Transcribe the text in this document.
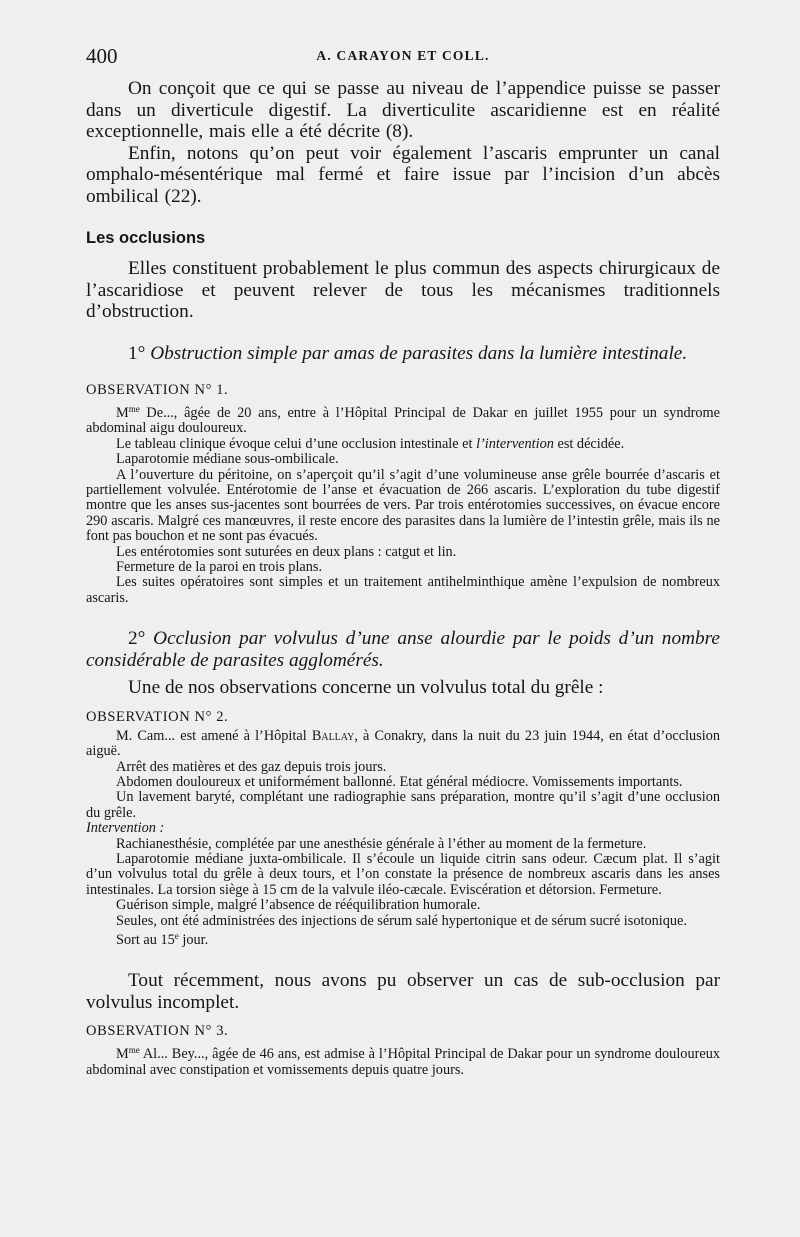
400	A. CARAYON ET COLL.

On conçoit que ce qui se passe au niveau de l’appendice puisse se passer dans un diverticule digestif. La diverticulite ascaridienne est en réalité exceptionnelle, mais elle a été décrite (8).

Enfin, notons qu’on peut voir également l’ascaris emprunter un canal omphalo-mésentérique mal fermé et faire issue par l’incision d’un abcès ombilical (22).

Les occlusions

Elles constituent probablement le plus commun des aspects chirurgicaux de l’ascaridiose et peuvent relever de tous les mécanismes traditionnels d’obstruction.

1° Obstruction simple par amas de parasites dans la lumière intestinale.

OBSERVATION N° 1.

$M^{me}$ De..., âgée de 20 ans, entre à l’Hôpital Principal de Dakar en juillet 1955 pour un syndrome abdominal aigu douloureux.

Le tableau clinique évoque celui d’une occlusion intestinale et l’intervention est décidée.

Laparotomie médiane sous-ombilicale.

A l’ouverture du péritoine, on s’aperçoit qu’il s’agit d’une volumineuse anse grêle bourrée d’ascaris et partiellement volvulée. Entérotomie de l’anse et évacuation de 266 ascaris. L’exploration du tube digestif montre que les anses sus-jacentes sont bourrées de vers. Par trois entérotomies successives, on évacue encore 290 ascaris. Malgré ces manœuvres, il reste encore des parasites dans la lumière de l’intestin grêle, mais ils ne font pas bouchon et ne sont pas évacués.

Les entérotomies sont suturées en deux plans : catgut et lin.

Fermeture de la paroi en trois plans.

Les suites opératoires sont simples et un traitement antihelminthique amène l’expulsion de nombreux ascaris.

2° Occlusion par volvulus d’une anse alourdie par le poids d’un nombre considérable de parasites agglomérés.

Une de nos observations concerne un volvulus total du grêle :

OBSERVATION N° 2.

M. Cam... est amené à l’Hôpital Ballay, à Conakry, dans la nuit du 23 juin 1944, en état d’occlusion aiguë.

Arrêt des matières et des gaz depuis trois jours.

Abdomen douloureux et uniformément ballonné. Etat général médiocre. Vomissements importants.

Un lavement baryté, complétant une radiographie sans préparation, montre qu’il s’agit d’une occlusion du grêle.

Intervention :

Rachianesthésie, complétée par une anesthésie générale à l’éther au moment de la fermeture.

Laparotomie médiane juxta-ombilicale. Il s’écoule un liquide citrin sans odeur. Cæcum plat. Il s’agit d’un volvulus total du grêle à deux tours, et l’on constate la présence de nombreux ascaris dans les anses intestinales. La torsion siège à 15 cm de la valvule iléo-cæcale. Eviscération et détorsion. Fermeture.

Guérison simple, malgré l’absence de rééquilibration humorale.

Seules, ont été administrées des injections de sérum salé hypertonique et de sérum sucré isotonique.

Sort au 15e jour.

Tout récemment, nous avons pu observer un cas de sub-occlusion par volvulus incomplet.

OBSERVATION N° 3.

$M^{me}$ Al... Bey..., âgée de 46 ans, est admise à l’Hôpital Principal de Dakar pour un syndrome douloureux abdominal avec constipation et vomissements depuis quatre jours.
